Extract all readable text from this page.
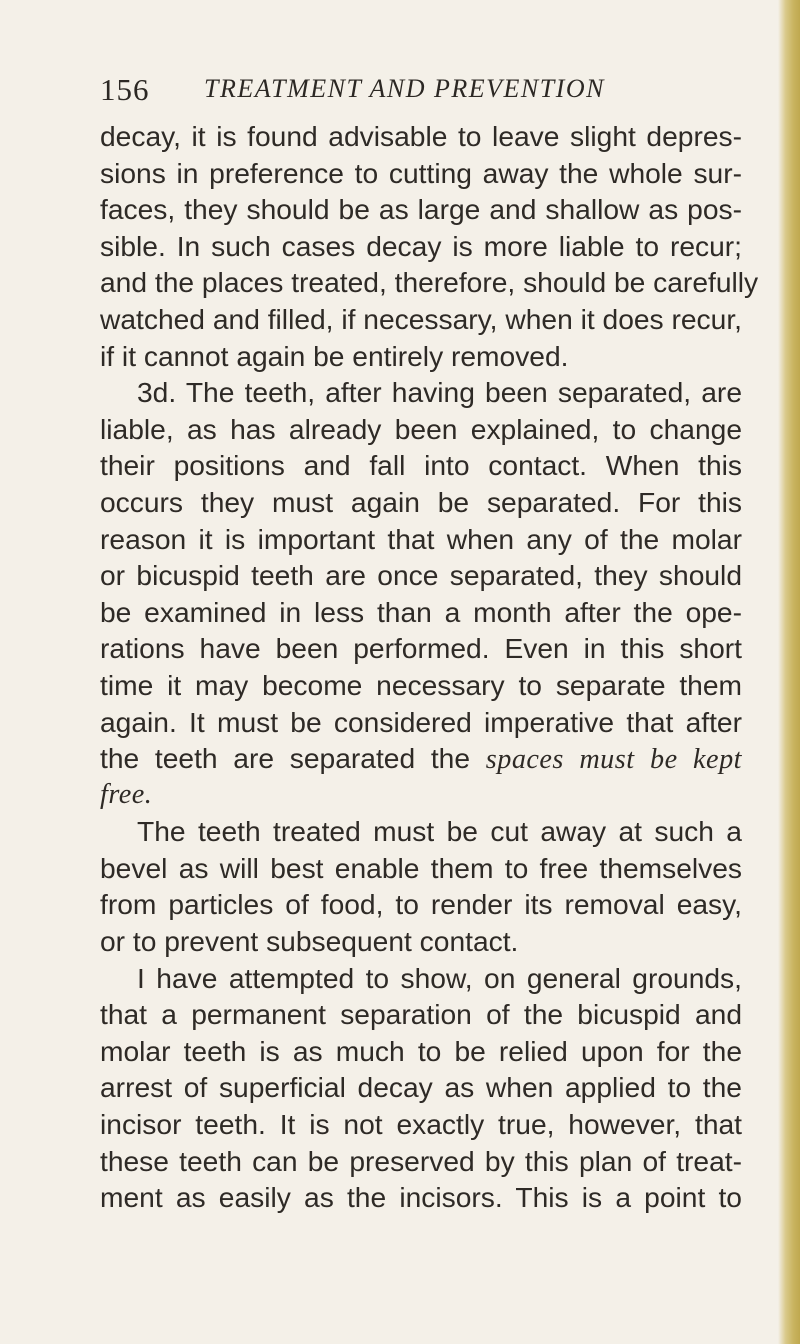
156 TREATMENT AND PREVENTION
decay, it is found advisable to leave slight depres-
sions in preference to cutting away the whole sur-
faces, they should be as large and shallow as pos-
sible. In such cases decay is more liable to recur;
and the places treated, therefore, should be carefully
watched and filled, if necessary, when it does recur,
if it cannot again be entirely removed.
3d. The teeth, after having been separated, are
liable, as has already been explained, to change
their positions and fall into contact. When this
occurs they must again be separated. For this
reason it is important that when any of the molar
or bicuspid teeth are once separated, they should
be examined in less than a month after the ope-
rations have been performed. Even in this short
time it may become necessary to separate them
again. It must be considered imperative that after
the teeth are separated the spaces must be kept
free.
The teeth treated must be cut away at such a
bevel as will best enable them to free themselves
from particles of food, to render its removal easy,
or to prevent subsequent contact.
I have attempted to show, on general grounds,
that a permanent separation of the bicuspid and
molar teeth is as much to be relied upon for the
arrest of superficial decay as when applied to the
incisor teeth. It is not exactly true, however, that
these teeth can be preserved by this plan of treat-
ment as easily as the incisors. This is a point to
